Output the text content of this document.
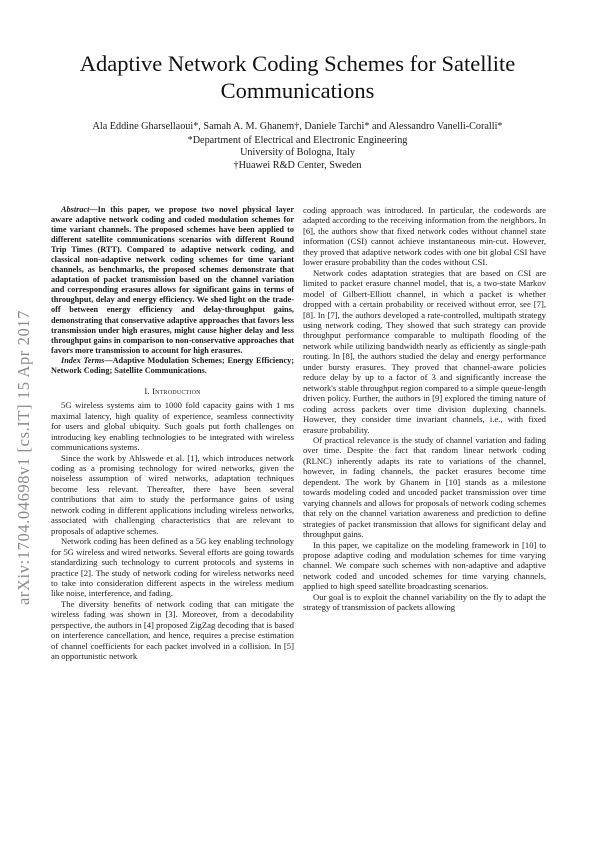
arXiv:1704.04698v1 [cs.IT] 15 Apr 2017
Adaptive Network Coding Schemes for Satellite
Communications
Ala Eddine Gharsellaoui*, Samah A. M. Ghanem†, Daniele Tarchi* and Alessandro Vanelli-Coralli*
*Department of Electrical and Electronic Engineering
University of Bologna, Italy
†Huawei R&D Center, Sweden

Abstract—In this paper, we propose two novel physical layer aware adaptive network coding and coded modulation schemes for time variant channels. The proposed schemes have been applied to different satellite communications scenarios with different Round Trip Times (RTT). Compared to adaptive network coding, and classical non-adaptive network coding schemes for time variant channels, as benchmarks, the proposed schemes demonstrate that adaptation of packet transmission based on the channel variation and corresponding erasures allows for significant gains in terms of throughput, delay and energy efficiency. We shed light on the trade-off between energy efficiency and delay-throughput gains, demonstrating that conservative adaptive approaches that favors less transmission under high erasures, might cause higher delay and less throughput gains in comparison to non-conservative approaches that favors more transmission to account for high erasures.

Index Terms—Adaptive Modulation Schemes; Energy Efficiency; Network Coding; Satellite Communications.

I. Introduction

5G wireless systems aim to 1000 fold capacity gains with 1 ms maximal latency, high quality of experience, seamless connectivity for users and global ubiquity. Such goals put forth challenges on introducing key enabling technologies to be integrated with wireless communications systems.

Since the work by Ahlswede et al. [1], which introduces network coding as a promising technology for wired networks, given the noiseless assumption of wired networks, adaptation techniques become less relevant. Thereafter, there have been several contributions that aim to study the performance gains of using network coding in different applications including wireless networks, associated with challenging characteristics that are relevant to proposals of adaptive schemes.

Network coding has been defined as a 5G key enabling technology for 5G wireless and wired networks. Several efforts are going towards standardizing such technology to current protocols and systems in practice [2]. The study of network coding for wireless networks need to take into consideration different aspects in the wireless medium like noise, interference, and fading.

The diversity benefits of network coding that can mitigate the wireless fading was shown in [3]. Moreover, from a decodability perspective, the authors in [4] proposed ZigZag decoding that is based on interference cancellation, and hence, requires a precise estimation of channel coefficients for each packet involved in a collision. In [5] an opportunistic network

coding approach was introduced. In particular, the codewords are adapted according to the receiving information from the neighbors. In [6], the authors show that fixed network codes without channel state information (CSI) cannot achieve instantaneous min-cut. However, they proved that adaptive network codes with one bit global CSI have lower erasure probability than the codes without CSI.

Network codes adaptation strategies that are based on CSI are limited to packet erasure channel model, that is, a two-state Markov model of Gilbert-Elliott channel, in which a packet is whether dropped with a certain probability or received without error, see [7], [8]. In [7], the authors developed a rate-controlled, multipath strategy using network coding. They showed that such strategy can provide throughput performance comparable to multipath flooding of the network while utilizing bandwidth nearly as efficiently as single-path routing. In [8], the authors studied the delay and energy performance under bursty erasures. They proved that channel-aware policies reduce delay by up to a factor of 3 and significantly increase the network's stable throughput region compared to a simple queue-length driven policy. Further, the authors in [9] explored the timing nature of coding across packets over time division duplexing channels. However, they consider time invariant channels, i.e., with fixed erasure probability.

Of practical relevance is the study of channel variation and fading over time. Despite the fact that random linear network coding (RLNC) inherently adapts its rate to variations of the channel, however, in fading channels, the packet erasures become time dependent. The work by Ghanem in [10] stands as a milestone towards modeling coded and uncoded packet transmission over time varying channels and allows for proposals of network coding schemes that rely on the channel variation awareness and prediction to define strategies of packet transmission that allows for significant delay and throughput gains.

In this paper, we capitalize on the modeling framework in [10] to propose adaptive coding and modulation schemes for time varying channel. We compare such schemes with non-adaptive and adaptive network coded and uncoded schemes for time varying channels, applied to high speed satellite broadcasting scenarios.

Our goal is to exploit the channel variability on the fly to adapt the strategy of transmission of packets allowing
